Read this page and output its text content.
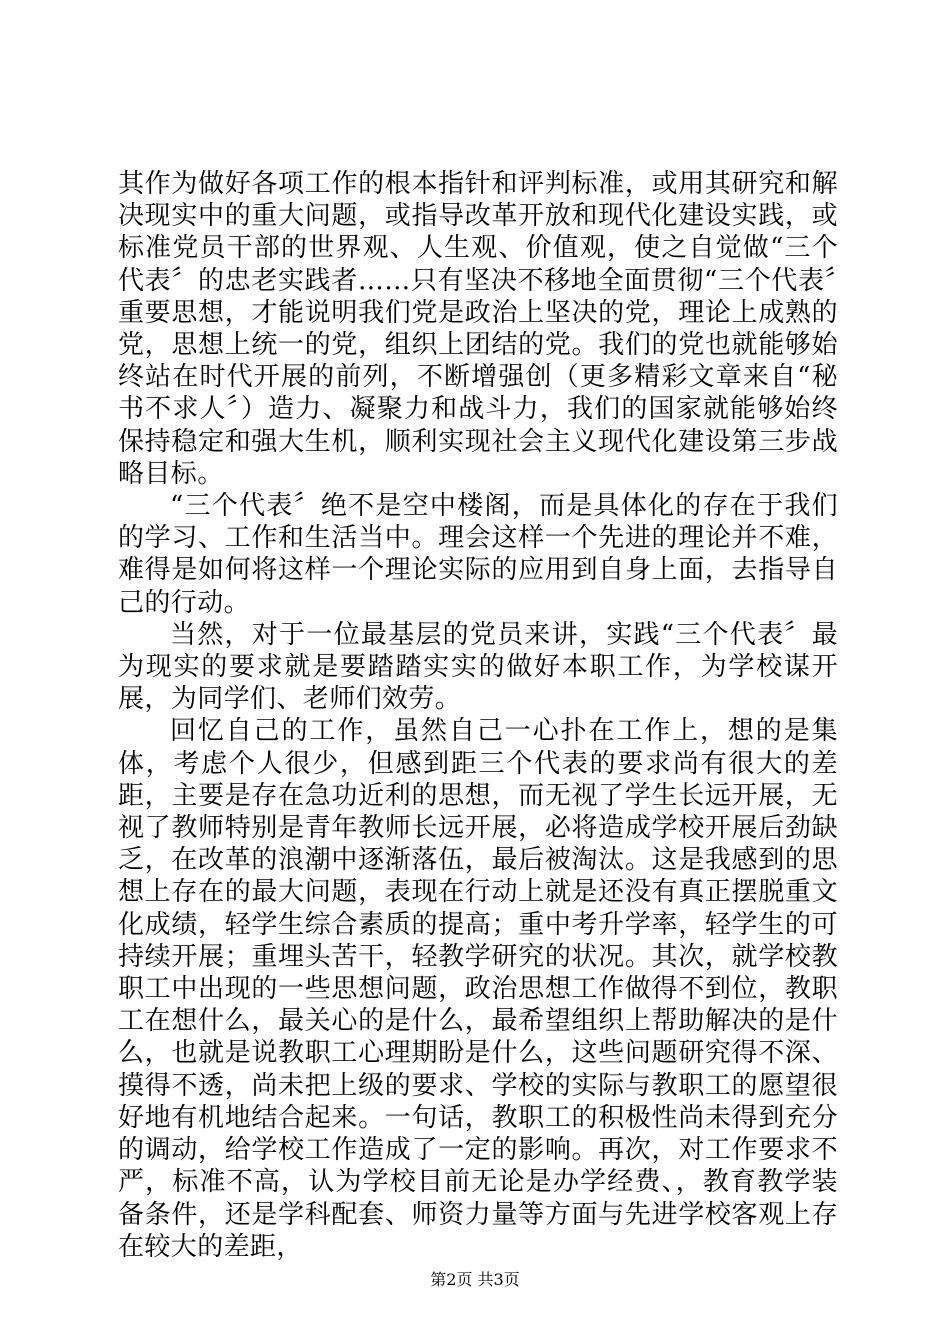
其作为做好各项工作的根本指针和评判标准，或用其研究和解决现实中的重大问题，或指导改革开放和现代化建设实践，或标准党员干部的世界观、人生观、价值观，使之自觉做“三个代表〞的忠老实践者……只有坚决不移地全面贯彻“三个代表〞重要思想，才能说明我们党是政治上坚决的党，理论上成熟的党，思想上统一的党，组织上团结的党。我们的党也就能够始终站在时代开展的前列，不断增强创（更多精彩文章来自“秘书不求人〞）造力、凝聚力和战斗力，我们的国家就能够始终保持稳定和强大生机，顺利实现社会主义现代化建设第三步战略目标。

“三个代表〞绝不是空中楼阁，而是具体化的存在于我们的学习、工作和生活当中。理会这样一个先进的理论并不难，难得是如何将这样一个理论实际的应用到自身上面，去指导自己的行动。

当然，对于一位最基层的党员来讲，实践“三个代表〞最为现实的要求就是要踏踏实实的做好本职工作，为学校谋开展，为同学们、老师们效劳。

回忆自己的工作，虽然自己一心扑在工作上，想的是集体，考虑个人很少，但感到距三个代表的要求尚有很大的差距，主要是存在急功近利的思想，而无视了学生长远开展，无视了教师特别是青年教师长远开展，必将造成学校开展后劲缺乏，在改革的浪潮中逐渐落伍，最后被淘汰。这是我感到的思想上存在的最大问题，表现在行动上就是还没有真正摆脱重文化成绩，轻学生综合素质的提高；重中考升学率，轻学生的可持续开展；重埋头苦干，轻教学研究的状况。其次，就学校教职工中出现的一些思想问题，政治思想工作做得不到位，教职工在想什么，最关心的是什么，最希望组织上帮助解决的是什么，也就是说教职工心理期盼是什么，这些问题研究得不深、摸得不透，尚未把上级的要求、学校的实际与教职工的愿望很好地有机地结合起来。一句话，教职工的积极性尚未得到充分的调动，给学校工作造成了一定的影响。再次，对工作要求不严，标准不高，认为学校目前无论是办学经费、，教育教学装备条件，还是学科配套、师资力量等方面与先进学校客观上存在较大的差距，

第2页 共3页
